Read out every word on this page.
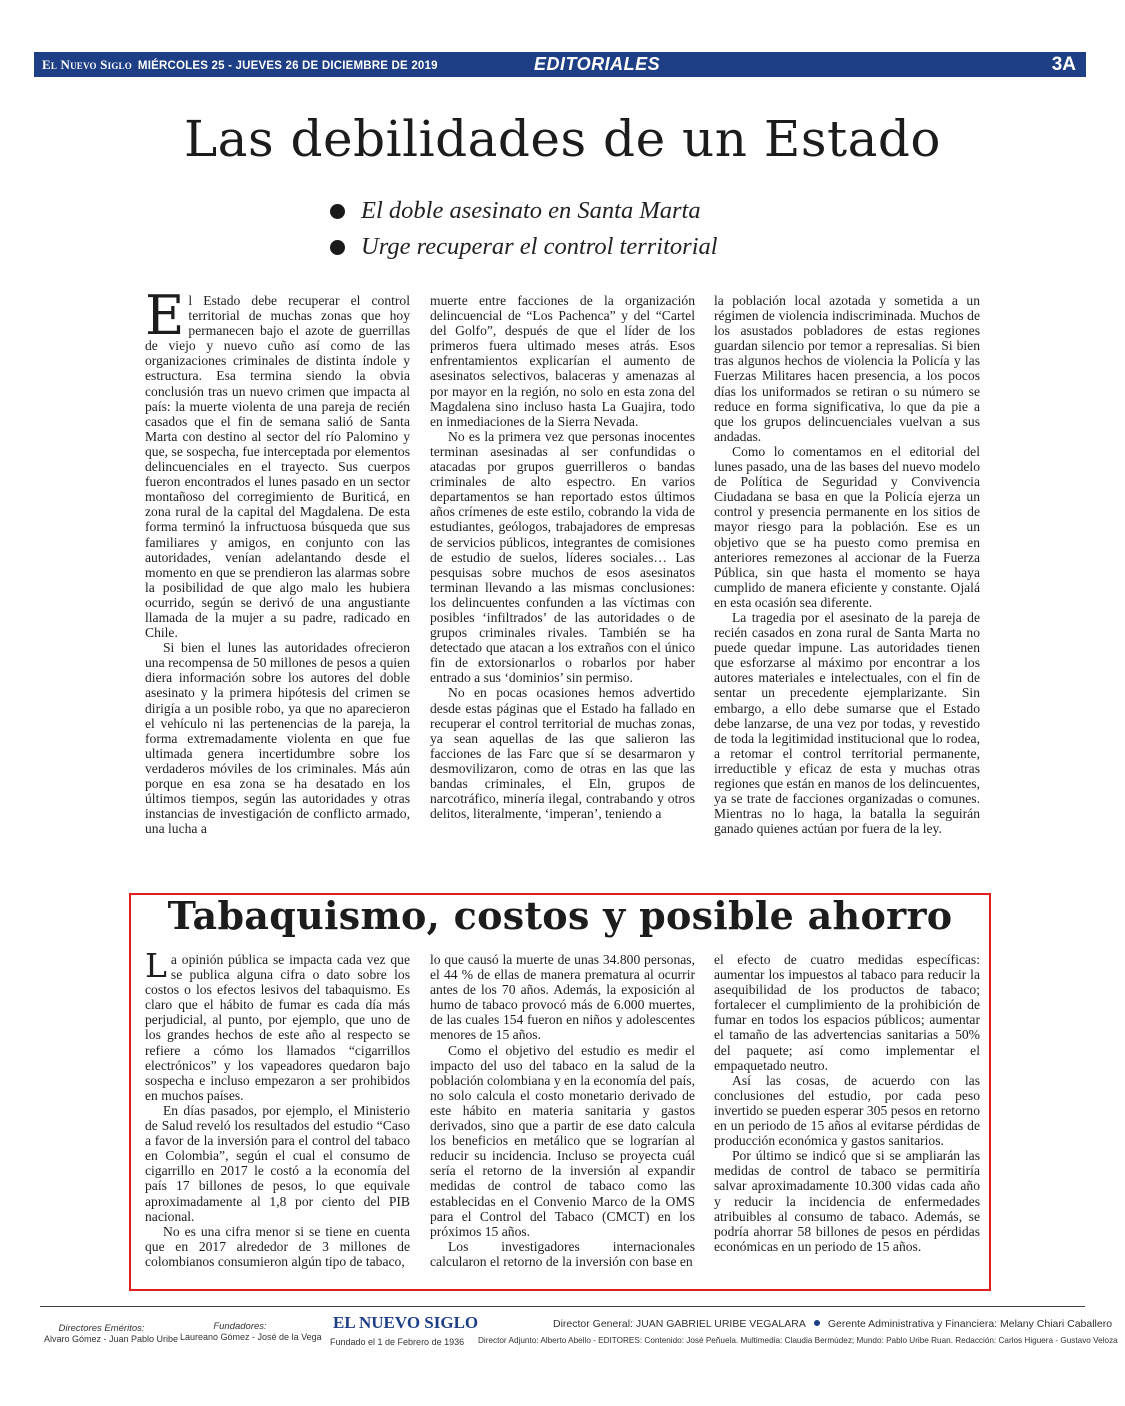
El Nuevo Siglo MIÉRCOLES 25 - JUEVES 26 DE DICIEMBRE DE 2019	EDITORIALES	3A
Las debilidades de un Estado
El doble asesinato en Santa Marta
Urge recuperar el control territorial

El Estado debe recuperar el control territorial de muchas zonas que hoy permanecen bajo el azote de guerrillas de viejo y nuevo cuño así como de las organizaciones criminales de distinta índole y estructura. Esa termina siendo la obvia conclusión tras un nuevo crimen que impacta al país: la muerte violenta de una pareja de recién casados que el fin de semana salió de Santa Marta con destino al sector del río Palomino y que, se sospecha, fue interceptada por elementos delincuenciales en el trayecto. Sus cuerpos fueron encontrados el lunes pasado en un sector montañoso del corregimiento de Buriticá, en zona rural de la capital del Magdalena. De esta forma terminó la infructuosa búsqueda que sus familiares y amigos, en conjunto con las autoridades, venían adelantando desde el momento en que se prendieron las alarmas sobre la posibilidad de que algo malo les hubiera ocurrido, según se derivó de una angustiante llamada de la mujer a su padre, radicado en Chile.

Si bien el lunes las autoridades ofrecieron una recompensa de 50 millones de pesos a quien diera información sobre los autores del doble asesinato y la primera hipótesis del crimen se dirigía a un posible robo, ya que no aparecieron el vehículo ni las pertenencias de la pareja, la forma extremadamente violenta en que fue ultimada genera incertidumbre sobre los verdaderos móviles de los criminales. Más aún porque en esa zona se ha desatado en los últimos tiempos, según las autoridades y otras instancias de investigación de conflicto armado, una lucha a

muerte entre facciones de la organización delincuencial de “Los Pachenca” y del “Cartel del Golfo”, después de que el líder de los primeros fuera ultimado meses atrás. Esos enfrentamientos explicarían el aumento de asesinatos selectivos, balaceras y amenazas al por mayor en la región, no solo en esta zona del Magdalena sino incluso hasta La Guajira, todo en inmediaciones de la Sierra Nevada.

No es la primera vez que personas inocentes terminan asesinadas al ser confundidas o atacadas por grupos guerrilleros o bandas criminales de alto espectro. En varios departamentos se han reportado estos últimos años crímenes de este estilo, cobrando la vida de estudiantes, geólogos, trabajadores de empresas de servicios públicos, integrantes de comisiones de estudio de suelos, líderes sociales… Las pesquisas sobre muchos de esos asesinatos terminan llevando a las mismas conclusiones: los delincuentes confunden a las víctimas con posibles ‘infiltrados’ de las autoridades o de grupos criminales rivales. También se ha detectado que atacan a los extraños con el único fin de extorsionarlos o robarlos por haber entrado a sus ‘dominios’ sin permiso.

No en pocas ocasiones hemos advertido desde estas páginas que el Estado ha fallado en recuperar el control territorial de muchas zonas, ya sean aquellas de las que salieron las facciones de las Farc que sí se desarmaron y desmovilizaron, como de otras en las que las bandas criminales, el Eln, grupos de narcotráfico, minería ilegal, contrabando y otros delitos, literalmente, ‘imperan’, teniendo a

la población local azotada y sometida a un régimen de violencia indiscriminada. Muchos de los asustados pobladores de estas regiones guardan silencio por temor a represalias. Si bien tras algunos hechos de violencia la Policía y las Fuerzas Militares hacen presencia, a los pocos días los uniformados se retiran o su número se reduce en forma significativa, lo que da pie a que los grupos delincuenciales vuelvan a sus andadas.

Como lo comentamos en el editorial del lunes pasado, una de las bases del nuevo modelo de Política de Seguridad y Convivencia Ciudadana se basa en que la Policía ejerza un control y presencia permanente en los sitios de mayor riesgo para la población. Ese es un objetivo que se ha puesto como premisa en anteriores remezones al accionar de la Fuerza Pública, sin que hasta el momento se haya cumplido de manera eficiente y constante. Ojalá en esta ocasión sea diferente.

La tragedia por el asesinato de la pareja de recién casados en zona rural de Santa Marta no puede quedar impune. Las autoridades tienen que esforzarse al máximo por encontrar a los autores materiales e intelectuales, con el fin de sentar un precedente ejemplarizante. Sin embargo, a ello debe sumarse que el Estado debe lanzarse, de una vez por todas, y revestido de toda la legitimidad institucional que lo rodea, a retomar el control territorial permanente, irreductible y eficaz de esta y muchas otras regiones que están en manos de los delincuentes, ya se trate de facciones organizadas o comunes. Mientras no lo haga, la batalla la seguirán ganado quienes actúan por fuera de la ley.

Tabaquismo, costos y posible ahorro

La opinión pública se impacta cada vez que se publica alguna cifra o dato sobre los costos o los efectos lesivos del tabaquismo. Es claro que el hábito de fumar es cada día más perjudicial, al punto, por ejemplo, que uno de los grandes hechos de este año al respecto se refiere a cómo los llamados “cigarrillos electrónicos” y los vapeadores quedaron bajo sospecha e incluso empezaron a ser prohibidos en muchos países.

En días pasados, por ejemplo, el Ministerio de Salud reveló los resultados del estudio “Caso a favor de la inversión para el control del tabaco en Colombia”, según el cual el consumo de cigarrillo en 2017 le costó a la economía del país 17 billones de pesos, lo que equivale aproximadamente al 1,8 por ciento del PIB nacional.

No es una cifra menor si se tiene en cuenta que en 2017 alrededor de 3 millones de colombianos consumieron algún tipo de tabaco,

lo que causó la muerte de unas 34.800 personas, el 44 % de ellas de manera prematura al ocurrir antes de los 70 años. Además, la exposición al humo de tabaco provocó más de 6.000 muertes, de las cuales 154 fueron en niños y adolescentes menores de 15 años.

Como el objetivo del estudio es medir el impacto del uso del tabaco en la salud de la población colombiana y en la economía del país, no solo calcula el costo monetario derivado de este hábito en materia sanitaria y gastos derivados, sino que a partir de ese dato calcula los beneficios en metálico que se lograrían al reducir su incidencia. Incluso se proyecta cuál sería el retorno de la inversión al expandir medidas de control de tabaco como las establecidas en el Convenio Marco de la OMS para el Control del Tabaco (CMCT) en los próximos 15 años.

Los investigadores internacionales calcularon el retorno de la inversión con base en

el efecto de cuatro medidas específicas: aumentar los impuestos al tabaco para reducir la asequibilidad de los productos de tabaco; fortalecer el cumplimiento de la prohibición de fumar en todos los espacios públicos; aumentar el tamaño de las advertencias sanitarias a 50% del paquete; así como implementar el empaquetado neutro.

Así las cosas, de acuerdo con las conclusiones del estudio, por cada peso invertido se pueden esperar 305 pesos en retorno en un periodo de 15 años al evitarse pérdidas de producción económica y gastos sanitarios.

Por último se indicó que si se ampliarán las medidas de control de tabaco se permitiría salvar aproximadamente 10.300 vidas cada año y reducir la incidencia de enfermedades atribuibles al consumo de tabaco. Además, se podría ahorrar 58 billones de pesos en pérdidas económicas en un periodo de 15 años.

Directores Eméritos:
Alvaro Gómez - Juan Pablo Uribe
Fundadores:
Laureano Gómez - José de la Vega
EL NUEVO SIGLO
Fundado el 1 de Febrero de 1936
Director General: JUAN GABRIEL URIBE VEGALARA Gerente Administrativa y Financiera: Melany Chiari Caballero
Director Adjunto: Alberto Abello - EDITORES: Contenido: José Peñuela. Multimedia: Claudia Bermúdez; Mundo: Pablo Uribe Ruan. Redacción: Carlos Higuera - Gustavo Veloza
